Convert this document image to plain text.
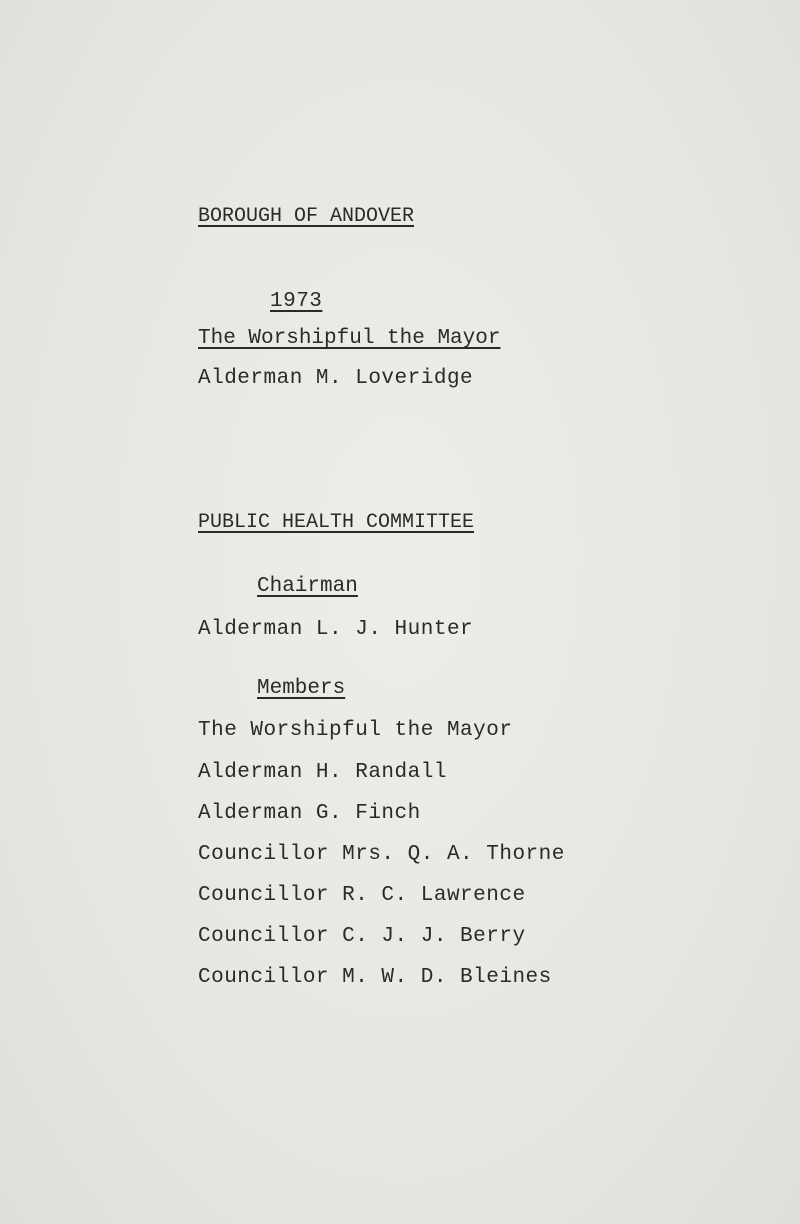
BOROUGH OF ANDOVER
1973
The Worshipful the Mayor
Alderman M. Loveridge
PUBLIC HEALTH COMMITTEE
Chairman
Alderman L. J. Hunter
Members
The Worshipful the Mayor
Alderman H. Randall
Alderman G. Finch
Councillor Mrs. Q. A. Thorne
Councillor R. C. Lawrence
Councillor C. J. J. Berry
Councillor M. W. D. Bleines
